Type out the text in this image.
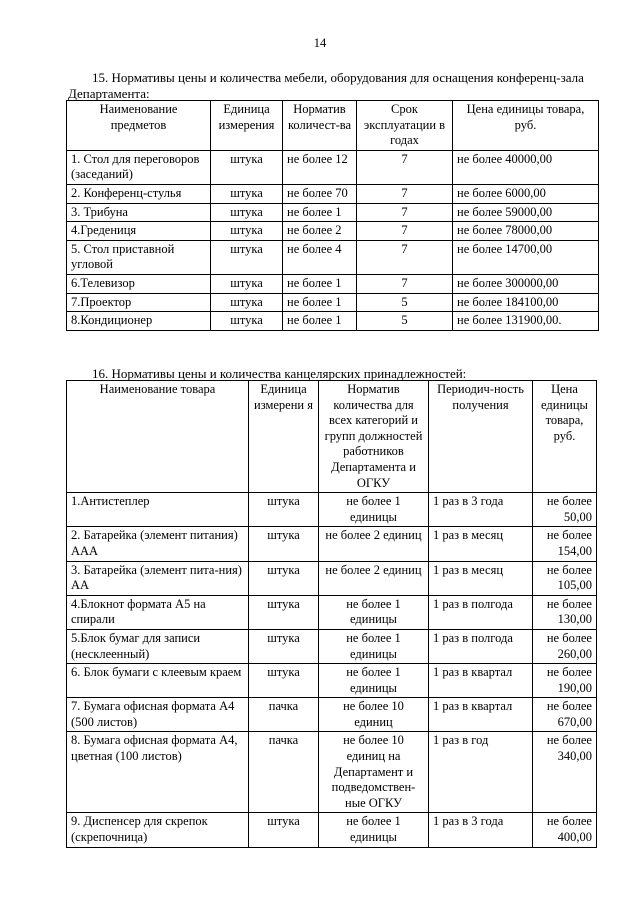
14

15. Нормативы цены и количества мебели, оборудования для оснащения конференц-зала Департамента:

Наименование предметов	Единица измерения	Норматив количест-ва	Срок эксплуатации в годах	Цена единицы товара, руб.
1. Стол для переговоров (заседаний)	штука	не более 12	7	не более 40000,00
2. Конференц-стулья	штука	не более 70	7	не более 6000,00
3. Трибуна	штука	не более 1	7	не более 59000,00
4.Гредениця	штука	не более 2	7	не более 78000,00
5. Стол приставной угловой	штука	не более 4	7	не более 14700,00
6.Телевизор	штука	не более 1	7	не более 300000,00
7.Проектор	штука	не более 1	5	не более 184100,00
8.Кондиционер	штука	не более 1	5	не более 131900,00.

16. Нормативы цены и количества канцелярских принадлежностей:

Наименование товара	Единица измерени я	Норматив количества для всех категорий и групп должностей работников Департамента и ОГКУ	Периодич-ность получения	Цена единицы товара, руб.
1.Антистеплер	штука	не более 1 единицы	1 раз в 3 года	не более 50,00
2. Батарейка (элемент питания) ААА	штука	не более 2 единиц	1 раз в месяц	не более 154,00
3. Батарейка (элемент пита-ния) АА	штука	не более 2 единиц	1 раз в месяц	не более 105,00
4.Блокнот формата А5 на спирали	штука	не более 1 единицы	1 раз в полгода	не более 130,00
5.Блок бумаг для записи (несклеенный)	штука	не более 1 единицы	1 раз в полгода	не более 260,00
6. Блок бумаги с клеевым краем	штука	не более 1 единицы	1 раз в квартал	не более 190,00
7. Бумага офисная формата А4 (500 листов)	пачка	не более 10 единиц	1 раз в квартал	не более 670,00
8. Бумага офисная формата А4, цветная (100 листов)	пачка	не более 10 единиц на Департамент и подведомствен-ные ОГКУ	1 раз в год	не более 340,00
9. Диспенсер для скрепок (скрепочница)	штука	не более 1 единицы	1 раз в 3 года	не более 400,00
